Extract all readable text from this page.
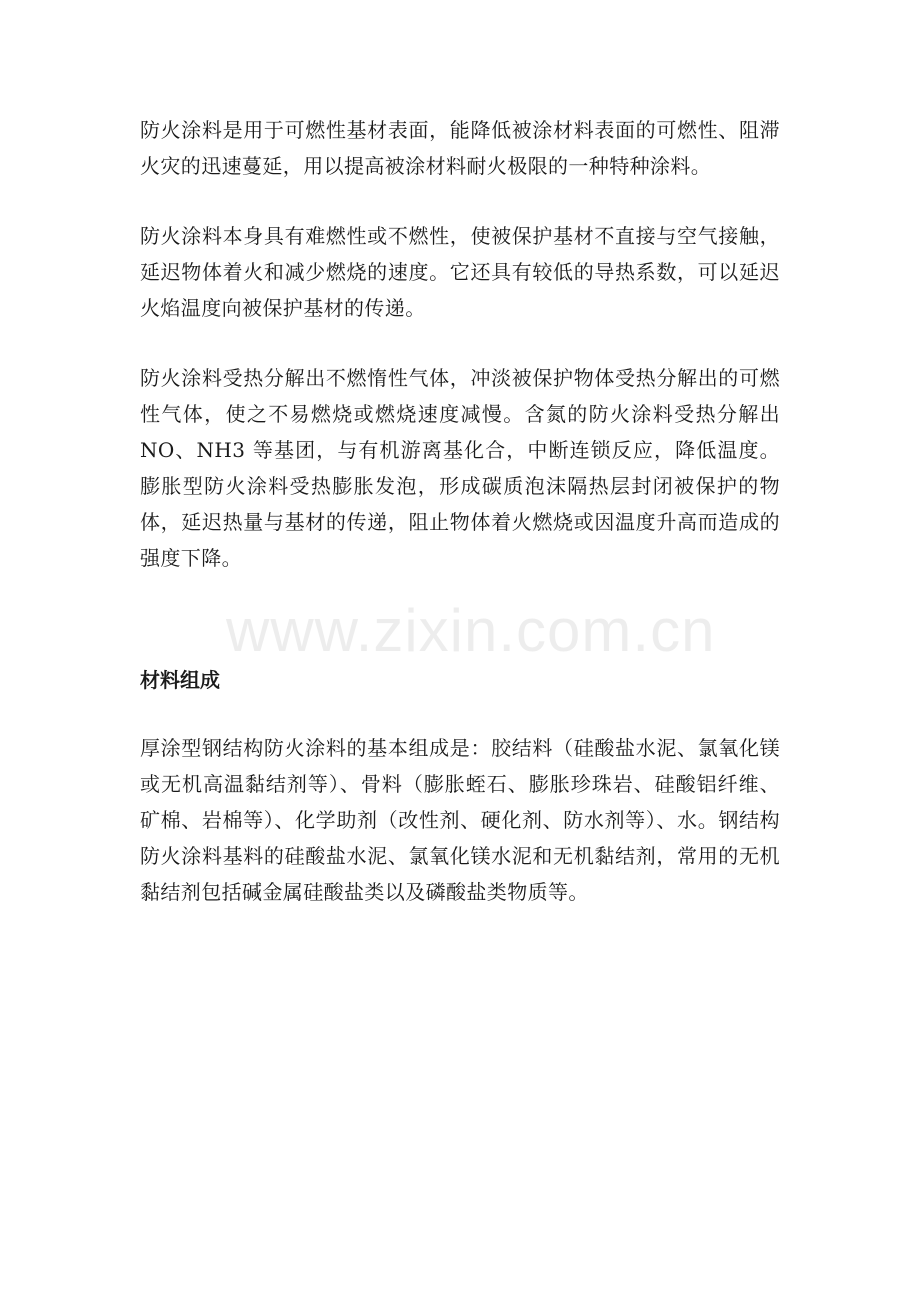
防火涂料是用于可燃性基材表面，能降低被涂材料表面的可燃性、阻滞火灾的迅速蔓延，用以提高被涂材料耐火极限的一种特种涂料。

防火涂料本身具有难燃性或不燃性，使被保护基材不直接与空气接触，延迟物体着火和减少燃烧的速度。它还具有较低的导热系数，可以延迟火焰温度向被保护基材的传递。

防火涂料受热分解出不燃惰性气体，冲淡被保护物体受热分解出的可燃性气体，使之不易燃烧或燃烧速度减慢。含氮的防火涂料受热分解出 NO、NH3 等基团，与有机游离基化合，中断连锁反应，降低温度。膨胀型防火涂料受热膨胀发泡，形成碳质泡沫隔热层封闭被保护的物体，延迟热量与基材的传递，阻止物体着火燃烧或因温度升高而造成的强度下降。

材料组成

厚涂型钢结构防火涂料的基本组成是：胶结料（硅酸盐水泥、氯氧化镁或无机高温黏结剂等）、骨料（膨胀蛭石、膨胀珍珠岩、硅酸铝纤维、矿棉、岩棉等）、化学助剂（改性剂、硬化剂、防水剂等）、水。钢结构防火涂料基料的硅酸盐水泥、氯氧化镁水泥和无机黏结剂，常用的无机黏结剂包括碱金属硅酸盐类以及磷酸盐类物质等。

www.zixin.com.cn
